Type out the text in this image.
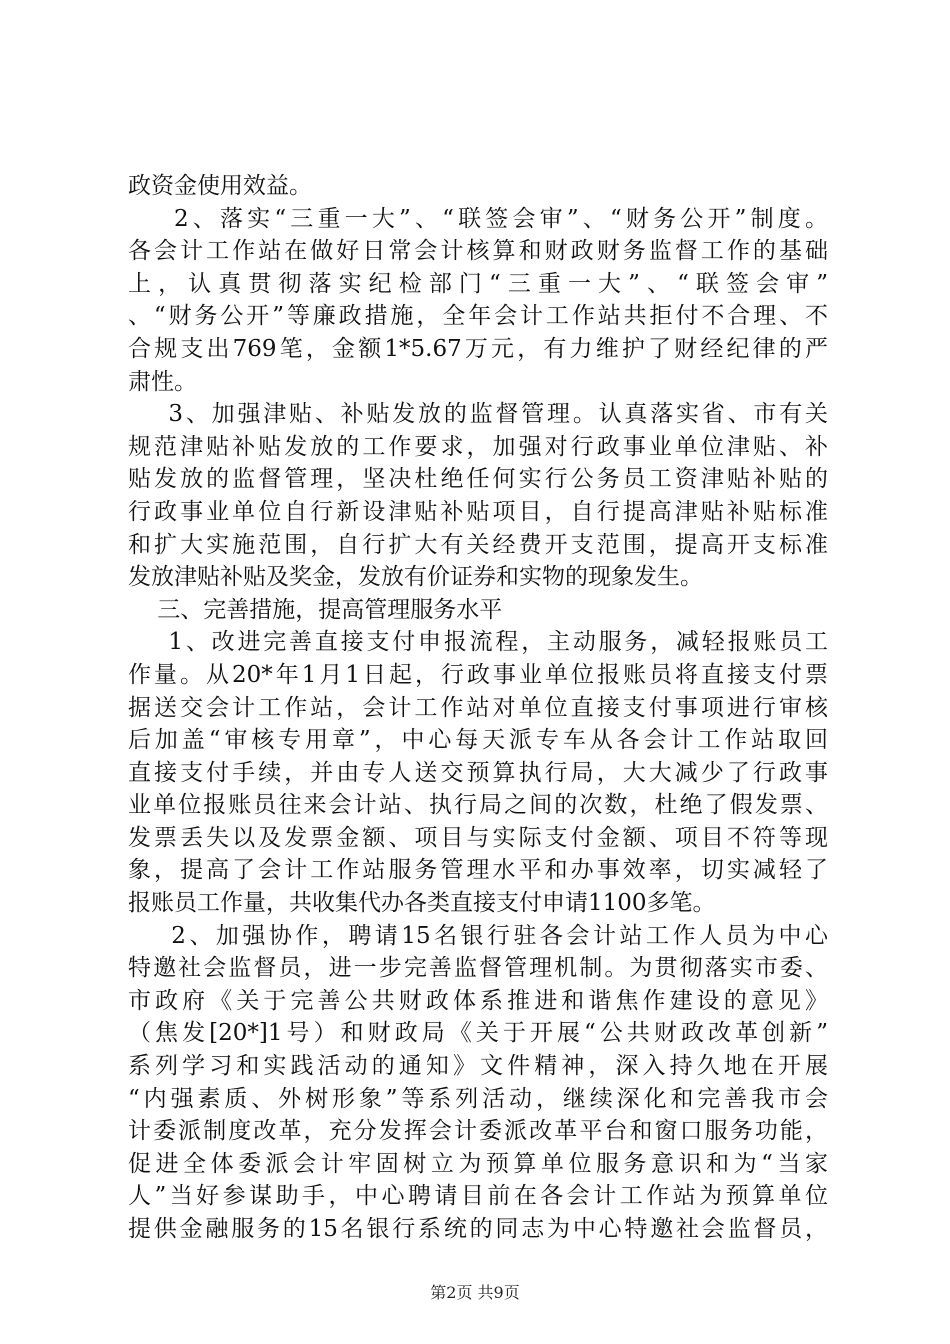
政资金使用效益。
2、落实“三重一大”、“联签会审”、“财务公开”制度。
各会计工作站在做好日常会计核算和财政财务监督工作的基础
上，认真贯彻落实纪检部门“三重一大”、“联签会审”
、“财务公开”等廉政措施，全年会计工作站共拒付不合理、不
合规支出769笔，金额1*5.67万元，有力维护了财经纪律的严
肃性。
3、加强津贴、补贴发放的监督管理。认真落实省、市有关
规范津贴补贴发放的工作要求，加强对行政事业单位津贴、补
贴发放的监督管理，坚决杜绝任何实行公务员工资津贴补贴的
行政事业单位自行新设津贴补贴项目，自行提高津贴补贴标准
和扩大实施范围，自行扩大有关经费开支范围，提高开支标准
发放津贴补贴及奖金，发放有价证券和实物的现象发生。
三、完善措施，提高管理服务水平
1、改进完善直接支付申报流程，主动服务，减轻报账员工
作量。从20*年1月1日起，行政事业单位报账员将直接支付票
据送交会计工作站，会计工作站对单位直接支付事项进行审核
后加盖“审核专用章”，中心每天派专车从各会计工作站取回
直接支付手续，并由专人送交预算执行局，大大减少了行政事
业单位报账员往来会计站、执行局之间的次数，杜绝了假发票、
发票丢失以及发票金额、项目与实际支付金额、项目不符等现
象，提高了会计工作站服务管理水平和办事效率，切实减轻了
报账员工作量，共收集代办各类直接支付申请1100多笔。
2、加强协作，聘请15名银行驻各会计站工作人员为中心
特邀社会监督员，进一步完善监督管理机制。为贯彻落实市委、
市政府《关于完善公共财政体系推进和谐焦作建设的意见》
（焦发[20*]1号）和财政局《关于开展“公共财政改革创新”
系列学习和实践活动的通知》文件精神，深入持久地在开展
“内强素质、外树形象”等系列活动，继续深化和完善我市会
计委派制度改革，充分发挥会计委派改革平台和窗口服务功能，
促进全体委派会计牢固树立为预算单位服务意识和为“当家
人”当好参谋助手，中心聘请目前在各会计工作站为预算单位
提供金融服务的15名银行系统的同志为中心特邀社会监督员，
第2页 共9页
